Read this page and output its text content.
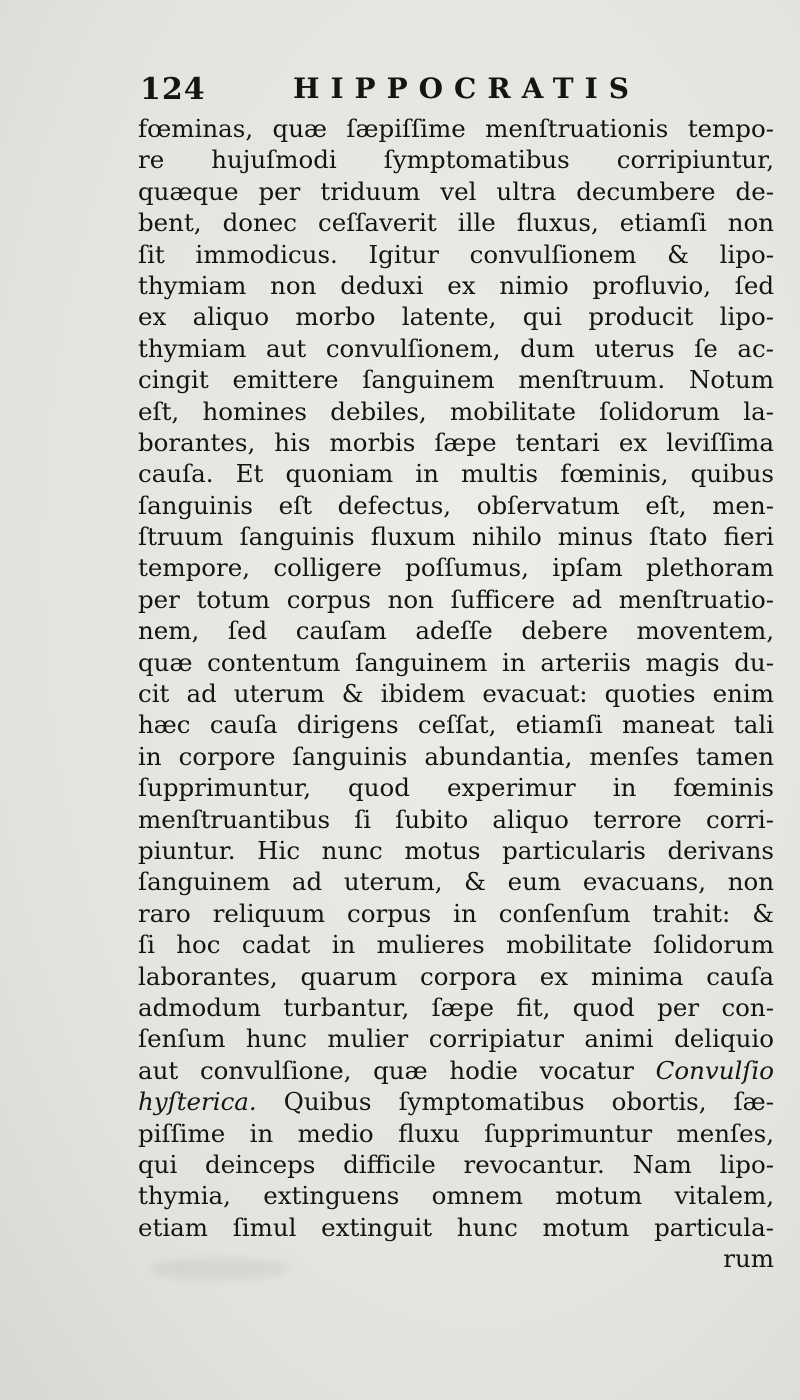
124	HIPPOCRATIS
fœminas, quæ ſæpiſſime menſtruationis tempo-
re hujuſmodi ſymptomatibus corripiuntur,
quæque per triduum vel ultra decumbere de-
bent, donec ceſſaverit ille fluxus, etiamſi non
ſit immodicus. Igitur convulſionem & lipo-
thymiam non deduxi ex nimio profluvio, ſed
ex aliquo morbo latente, qui producit lipo-
thymiam aut convulſionem, dum uterus ſe ac-
cingit emittere ſanguinem menſtruum. Notum
eſt, homines debiles, mobilitate ſolidorum la-
borantes, his morbis ſæpe tentari ex leviſſima
cauſa. Et quoniam in multis fœminis, quibus
ſanguinis eſt defectus, obſervatum eſt, men-
ſtruum ſanguinis fluxum nihilo minus ſtato fieri
tempore, colligere poſſumus, ipſam plethoram
per totum corpus non ſufficere ad menſtruatio-
nem, ſed cauſam adeſſe debere moventem,
quæ contentum ſanguinem in arteriis magis du-
cit ad uterum & ibidem evacuat: quoties enim
hæc cauſa dirigens ceſſat, etiamſi maneat tali
in corpore ſanguinis abundantia, menſes tamen
ſupprimuntur, quod experimur in fœminis
menſtruantibus ſi ſubito aliquo terrore corri-
piuntur. Hic nunc motus particularis derivans
ſanguinem ad uterum, & eum evacuans, non
raro reliquum corpus in conſenſum trahit: &
ſi hoc cadat in mulieres mobilitate ſolidorum
laborantes, quarum corpora ex minima cauſa
admodum turbantur, ſæpe fit, quod per con-
ſenſum hunc mulier corripiatur animi deliquio
aut convulſione, quæ hodie vocatur Convulſio
hyſterica. Quibus ſymptomatibus obortis, ſæ-
piſſime in medio fluxu ſupprimuntur menſes,
qui deinceps difficile revocantur. Nam lipo-
thymia, extinguens omnem motum vitalem,
etiam ſimul extinguit hunc motum particula-
rum
